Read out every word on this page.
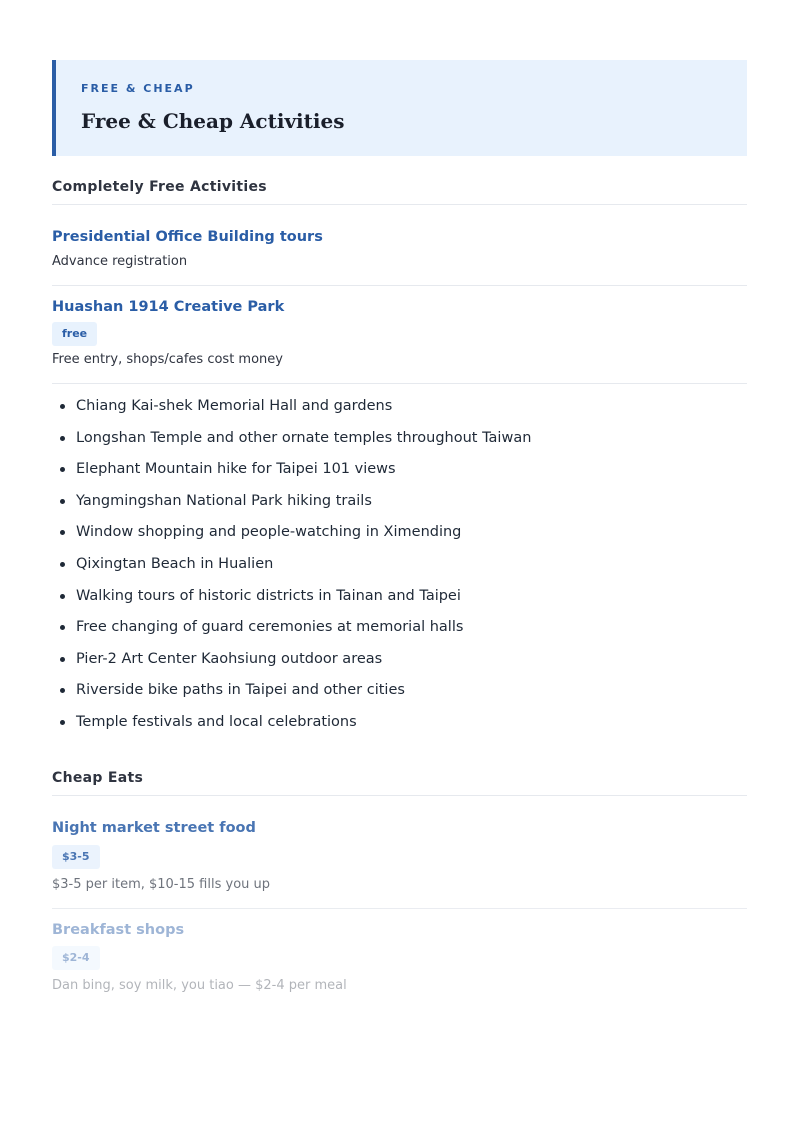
FREE & CHEAP
Free & Cheap Activities
Completely Free Activities
Presidential Office Building tours
Advance registration
Huashan 1914 Creative Park
free
Free entry, shops/cafes cost money
Chiang Kai-shek Memorial Hall and gardens
Longshan Temple and other ornate temples throughout Taiwan
Elephant Mountain hike for Taipei 101 views
Yangmingshan National Park hiking trails
Window shopping and people-watching in Ximending
Qixingtan Beach in Hualien
Walking tours of historic districts in Tainan and Taipei
Free changing of guard ceremonies at memorial halls
Pier-2 Art Center Kaohsiung outdoor areas
Riverside bike paths in Taipei and other cities
Temple festivals and local celebrations
Cheap Eats
Night market street food
$3-5
$3-5 per item, $10-15 fills you up
Breakfast shops
$2-4
Dan bing, soy milk, you tiao — $2-4 per meal
